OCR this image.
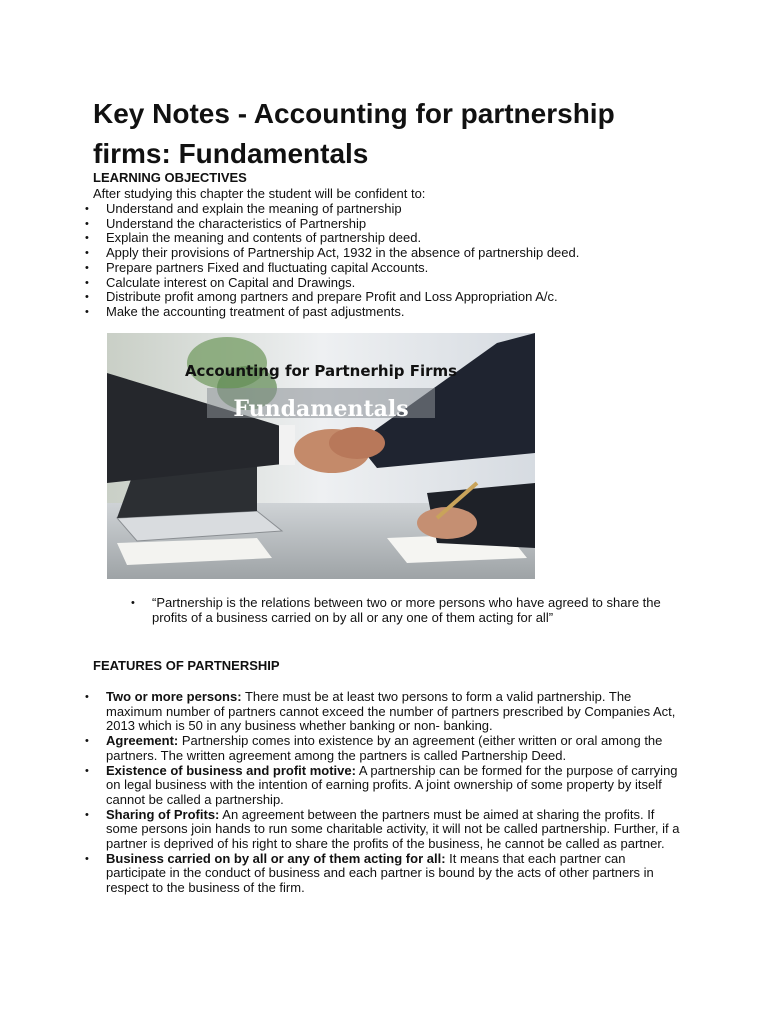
Key Notes - Accounting for partnership firms: Fundamentals
LEARNING OBJECTIVES
After studying this chapter the student will be confident to:
• Understand and explain the meaning of partnership
• Understand the characteristics of Partnership
• Explain the meaning and contents of partnership deed.
• Apply their provisions of Partnership Act, 1932 in the absence of partnership deed.
• Prepare partners Fixed and fluctuating capital Accounts.
• Calculate interest on Capital and Drawings.
• Distribute profit among partners and prepare Profit and Loss Appropriation A/c.
• Make the accounting treatment of past adjustments.
Accounting for Partnerhip Firms
Fundamentals
• “Partnership is the relations between two or more persons who have agreed to share the profits of a business carried on by all or any one of them acting for all”
FEATURES OF PARTNERSHIP
• Two or more persons: There must be at least two persons to form a valid partnership. The maximum number of partners cannot exceed the number of partners prescribed by Companies Act, 2013 which is 50 in any business whether banking or non- banking.
• Agreement: Partnership comes into existence by an agreement (either written or oral among the partners. The written agreement among the partners is called Partnership Deed.
• Existence of business and profit motive: A partnership can be formed for the purpose of carrying on legal business with the intention of earning profits. A joint ownership of some property by itself cannot be called a partnership.
• Sharing of Profits: An agreement between the partners must be aimed at sharing the profits. If some persons join hands to run some charitable activity, it will not be called partnership. Further, if a partner is deprived of his right to share the profits of the business, he cannot be called as partner.
• Business carried on by all or any of them acting for all: It means that each partner can participate in the conduct of business and each partner is bound by the acts of other partners in respect to the business of the firm.
